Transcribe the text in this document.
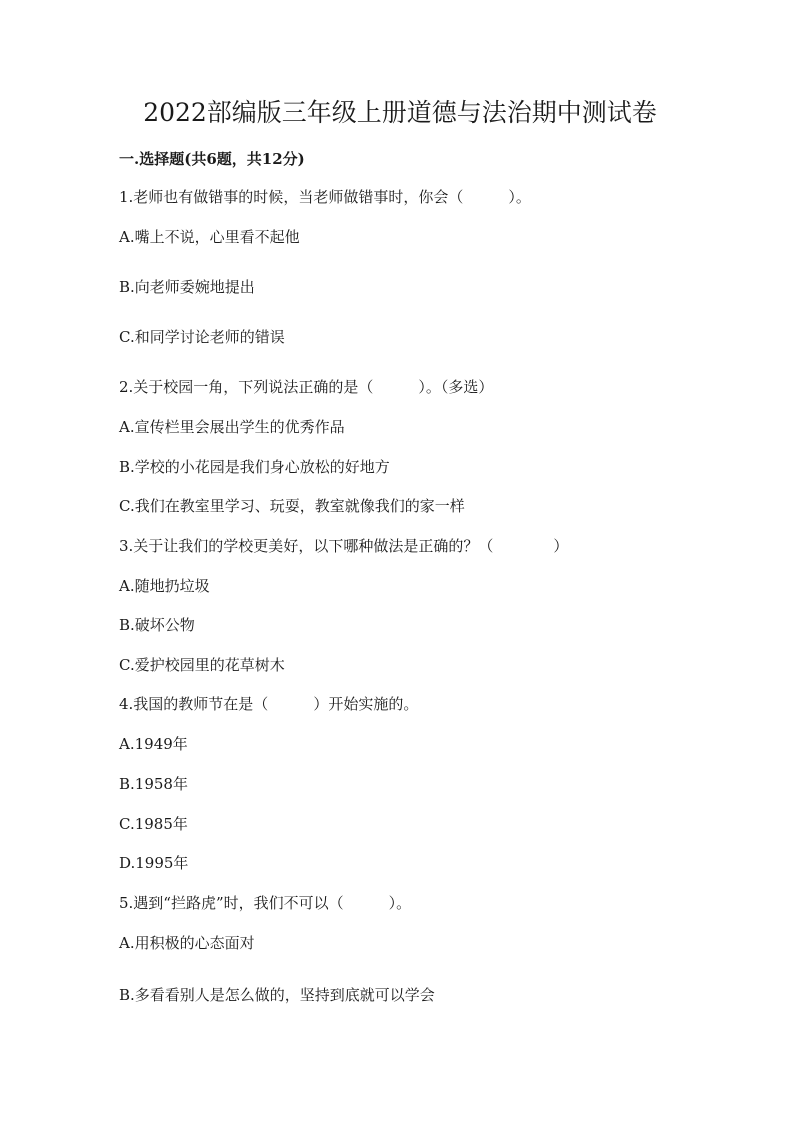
2022部编版三年级上册道德与法治期中测试卷
一.选择题(共6题，共12分)
1.老师也有做错事的时候，当老师做错事时，你会（　　　）。
A.嘴上不说，心里看不起他
B.向老师委婉地提出
C.和同学讨论老师的错误
2.关于校园一角，下列说法正确的是（　　　）。（多选）
A.宣传栏里会展出学生的优秀作品
B.学校的小花园是我们身心放松的好地方
C.我们在教室里学习、玩耍，教室就像我们的家一样
3.关于让我们的学校更美好，以下哪种做法是正确的？（　　　　）
A.随地扔垃圾
B.破坏公物
C.爱护校园里的花草树木
4.我国的教师节在是（　　　）开始实施的。
A.1949年
B.1958年
C.1985年
D.1995年
5.遇到“拦路虎”时，我们不可以（　　　）。
A.用积极的心态面对
B.多看看别人是怎么做的，坚持到底就可以学会
